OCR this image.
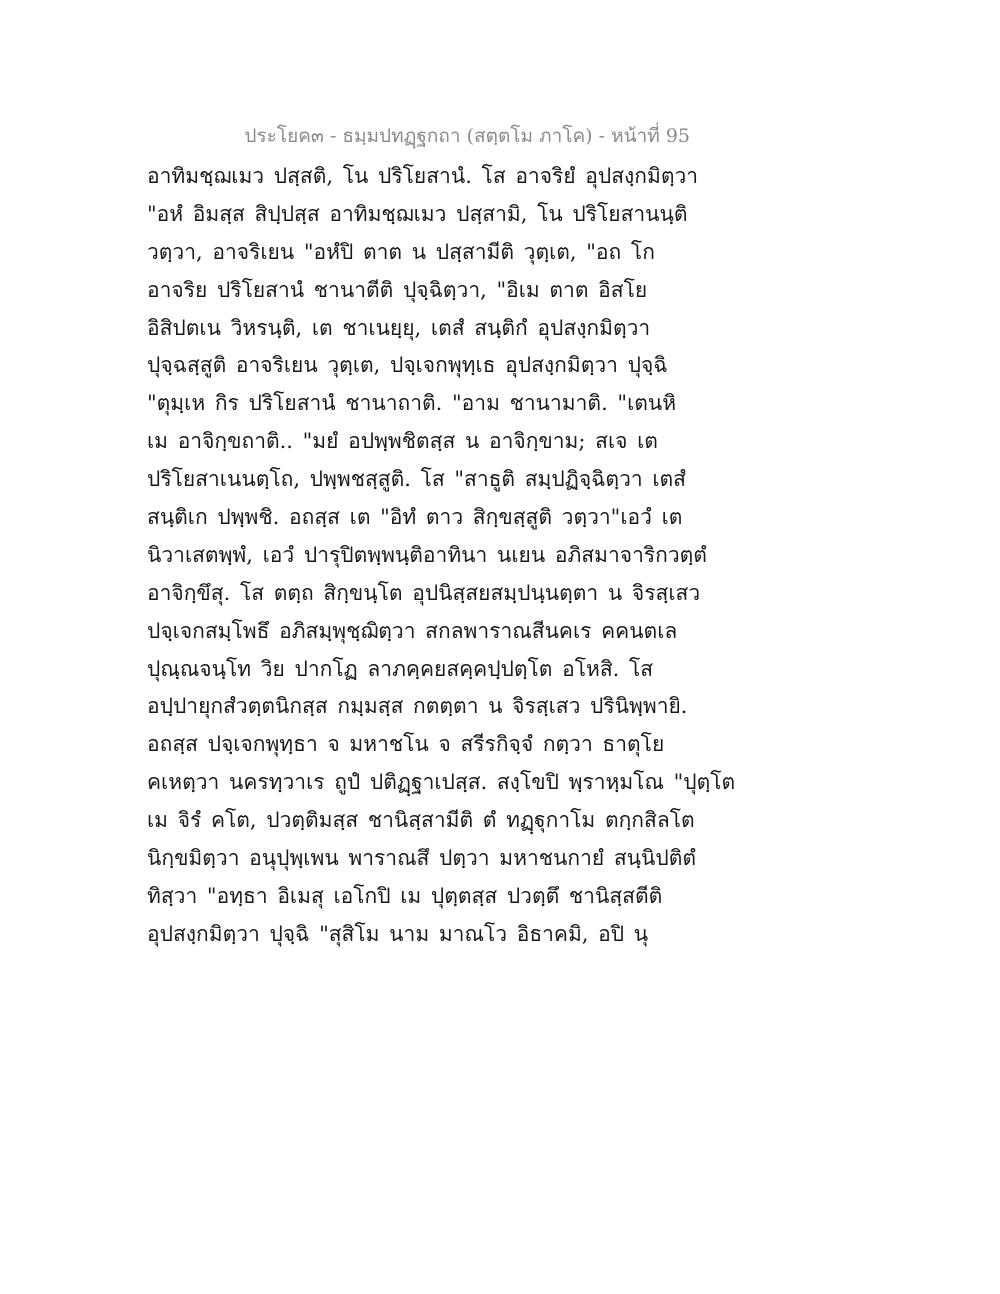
ประโยค๓ - ธมฺมปทฏฺฐกถา (สตฺตโม ภาโค) - หน้าที่ 95
อาทิมชฺฌเมว ปสฺสติ, โน ปริโยสานํ. โส อาจริยํ อุปสงฺกมิตฺวา
"อหํ อิมสฺส สิปฺปสฺส อาทิมชฺฌเมว ปสฺสามิ, โน ปริโยสานนฺติ
วตฺวา, อาจริเยน "อหํปิ ตาต น ปสฺสามีติ วุตฺเต, "อถ โก
อาจริย ปริโยสานํ ชานาตีติ ปุจฺฉิตฺวา, "อิเม ตาต อิสโย
อิสิปตเน วิหรนฺติ, เต ชาเนยฺยุ, เตสํ สนฺติกํ อุปสงฺกมิตฺวา
ปุจฺฉสฺสูติ อาจริเยน วุตฺเต, ปจฺเจกพุทฺเธ อุปสงฺกมิตฺวา ปุจฺฉิ
"ตุมฺเห กิร ปริโยสานํ ชานาถาติ. "อาม ชานามาติ. "เตนหิ
เม อาจิกฺขถาติ.. "มยํ อปพฺพชิตสฺส น อาจิกฺขาม; สเจ เต
ปริโยสาเนนตฺโถ, ปพฺพชสฺสูติ. โส "สาธูติ สมฺปฏิจฺฉิตฺวา เตสํ
สนฺติเก ปพฺพชิ. อถสฺส เต "อิทํ ตาว สิกฺขสฺสูติ วตฺวา"เอวํ เต
นิวาเสตพฺพํ, เอวํ ปารุปิตพฺพนฺติอาทินา นเยน อภิสมาจาริกวตฺตํ
อาจิกฺขึสุ. โส ตตฺถ สิกฺขนฺโต อุปนิสฺสยสมฺปนฺนตฺตา น จิรสฺเสว
ปจฺเจกสมฺโพธึ อภิสมฺพุชฺฌิตฺวา สกลพาราณสีนคเร คคนตเล
ปุณฺณจนฺโท วิย ปากโฏ ลาภคฺคยสคฺคปฺปตฺโต อโหสิ. โส
อปฺปายุกสํวตฺตนิกสฺส กมฺมสฺส กตตฺตา น จิรสฺเสว ปรินิพฺพายิ.
อถสฺส ปจฺเจกพุทฺธา จ มหาชโน จ สรีรกิจฺจํ กตฺวา ธาตุโย
คเหตฺวา นครทฺวาเร ถูปํ ปติฏฺฐาเปสฺส. สงฺโขปิ พฺราหฺมโณ "ปุตฺโต
เม จิรํ คโต, ปวตฺติมสฺส ชานิสฺสามีติ ตํ ทฏฺฐุกาโม ตกฺกสิลโต
นิกฺขมิตฺวา อนุปุพฺเพน พาราณสึ ปตฺวา มหาชนกายํ สนฺนิปติตํ
ทิสฺวา "อทฺธา อิเมสุ เอโกปิ เม ปุตฺตสฺส ปวตฺตึ ชานิสฺสตีติ
อุปสงฺกมิตฺวา ปุจฺฉิ "สุสิโม นาม มาณโว อิธาคมิ, อปิ นุ
